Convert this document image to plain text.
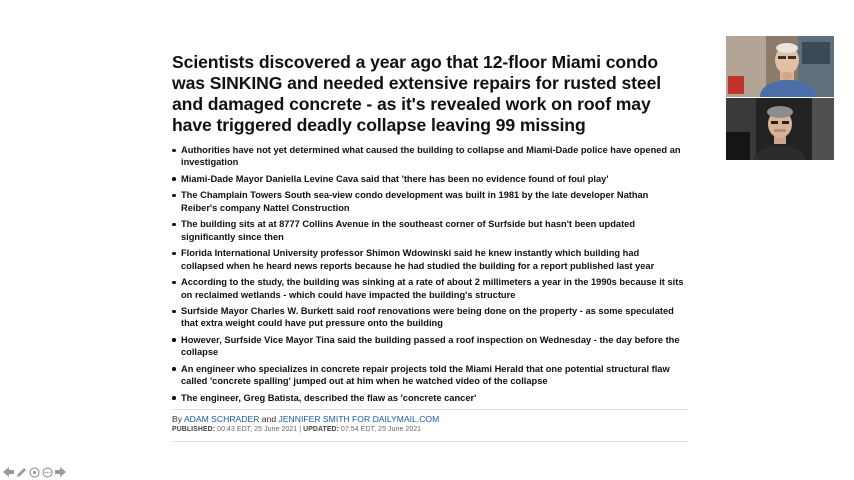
Scientists discovered a year ago that 12-floor Miami condo was SINKING and needed extensive repairs for rusted steel and damaged concrete - as it's revealed work on roof may have triggered deadly collapse leaving 99 missing
Authorities have not yet determined what caused the building to collapse and Miami-Dade police have opened an investigation
Miami-Dade Mayor Daniella Levine Cava said that 'there has been no evidence found of foul play'
The Champlain Towers South sea-view condo development was built in 1981 by the late developer Nathan Reiber's company Nattel Construction
The building sits at at 8777 Collins Avenue in the southeast corner of Surfside but hasn't been updated significantly since then
Florida International University professor Shimon Wdowinski said he knew instantly which building had collapsed when he heard news reports because he had studied the building for a report published last year
According to the study, the building was sinking at a rate of about 2 millimeters a year in the 1990s because it sits on reclaimed wetlands - which could have impacted the building's structure
Surfside Mayor Charles W. Burkett said roof renovations were being done on the property - as some speculated that extra weight could have put pressure onto the building
However, Surfside Vice Mayor Tina said the building passed a roof inspection on Wednesday - the day before the collapse
An engineer who specializes in concrete repair projects told the Miami Herald that one potential structural flaw called 'concrete spalling' jumped out at him when he watched video of the collapse
The engineer, Greg Batista, described the flaw as 'concrete cancer'
By ADAM SCHRADER and JENNIFER SMITH FOR DAILYMAIL.COM
PUBLISHED: 00:43 EDT, 25 June 2021 | UPDATED: 07:54 EDT, 25 June 2021
